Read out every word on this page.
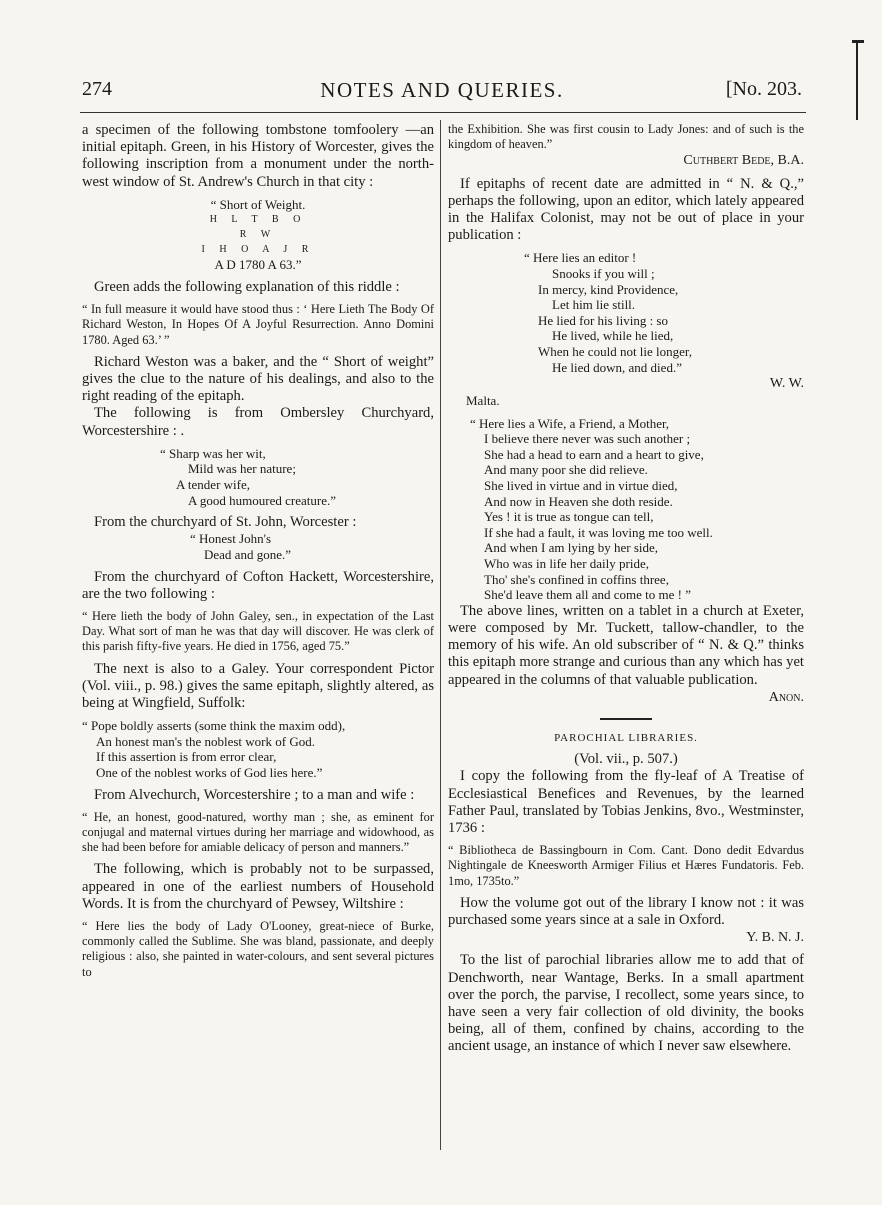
274	NOTES AND QUERIES.	[No. 203.

a specimen of the following tombstone tomfoolery —an initial epitaph. Green, in his History of Worcester, gives the following inscription from a monument under the north-west window of St. Andrew's Church in that city :

“ Short of Weight.

H L T B O

R W

I H O A J R

A D 1780 A 63.”

Green adds the following explanation of this riddle :

“ In full measure it would have stood thus : ‘ Here Lieth The Body Of Richard Weston, In Hopes Of A Joyful Resurrection. Anno Domini 1780. Aged 63.’ ”

Richard Weston was a baker, and the “ Short of weight” gives the clue to the nature of his dealings, and also to the right reading of the epitaph.

The following is from Ombersley Churchyard, Worcestershire : .

“ Sharp was her wit,

Mild was her nature;

A tender wife,

A good humoured creature.”

From the churchyard of St. John, Worcester :

“ Honest John's

Dead and gone.”

From the churchyard of Cofton Hackett, Worcestershire, are the two following :

“ Here lieth the body of John Galey, sen., in expectation of the Last Day. What sort of man he was that day will discover. He was clerk of this parish fifty-five years. He died in 1756, aged 75.”

The next is also to a Galey. Your correspondent Pictor (Vol. viii., p. 98.) gives the same epitaph, slightly altered, as being at Wingfield, Suffolk:

“ Pope boldly asserts (some think the maxim odd),

An honest man's the noblest work of God.

If this assertion is from error clear,

One of the noblest works of God lies here.”

From Alvechurch, Worcestershire ; to a man and wife :

“ He, an honest, good-natured, worthy man ; she, as eminent for conjugal and maternal virtues during her marriage and widowhood, as she had been before for amiable delicacy of person and manners.”

The following, which is probably not to be surpassed, appeared in one of the earliest numbers of Household Words. It is from the churchyard of Pewsey, Wiltshire :

“ Here lies the body of Lady O'Looney, great-niece of Burke, commonly called the Sublime. She was bland, passionate, and deeply religious : also, she painted in water-colours, and sent several pictures to

the Exhibition. She was first cousin to Lady Jones: and of such is the kingdom of heaven.”

Cuthbert Bede, B.A.

If epitaphs of recent date are admitted in “ N. & Q.,” perhaps the following, upon an editor, which lately appeared in the Halifax Colonist, may not be out of place in your publication :

“ Here lies an editor !

Snooks if you will ;

In mercy, kind Providence,

Let him lie still.

He lied for his living : so

He lived, while he lied,

When he could not lie longer,

He lied down, and died.”

W. W.

Malta.

“ Here lies a Wife, a Friend, a Mother,

I believe there never was such another ;

She had a head to earn and a heart to give,

And many poor she did relieve.

She lived in virtue and in virtue died,

And now in Heaven she doth reside.

Yes ! it is true as tongue can tell,

If she had a fault, it was loving me too well.

And when I am lying by her side,

Who was in life her daily pride,

Tho' she's confined in coffins three,

She'd leave them all and come to me ! ”

The above lines, written on a tablet in a church at Exeter, were composed by Mr. Tuckett, tallow-chandler, to the memory of his wife. An old subscriber of “ N. & Q.” thinks this epitaph more strange and curious than any which has yet appeared in the columns of that valuable publication.

Anon.

PAROCHIAL LIBRARIES.

(Vol. vii., p. 507.)

I copy the following from the fly-leaf of A Treatise of Ecclesiastical Benefices and Revenues, by the learned Father Paul, translated by Tobias Jenkins, 8vo., Westminster, 1736 :

“ Bibliotheca de Bassingbourn in Com. Cant. Dono dedit Edvardus Nightingale de Kneesworth Armiger Filius et Hæres Fundatoris. Feb. 1mo, 1735to.”

How the volume got out of the library I know not : it was purchased some years since at a sale in Oxford.

Y. B. N. J.

To the list of parochial libraries allow me to add that of Denchworth, near Wantage, Berks. In a small apartment over the porch, the parvise, I recollect, some years since, to have seen a very fair collection of old divinity, the books being, all of them, confined by chains, according to the ancient usage, an instance of which I never saw elsewhere.
